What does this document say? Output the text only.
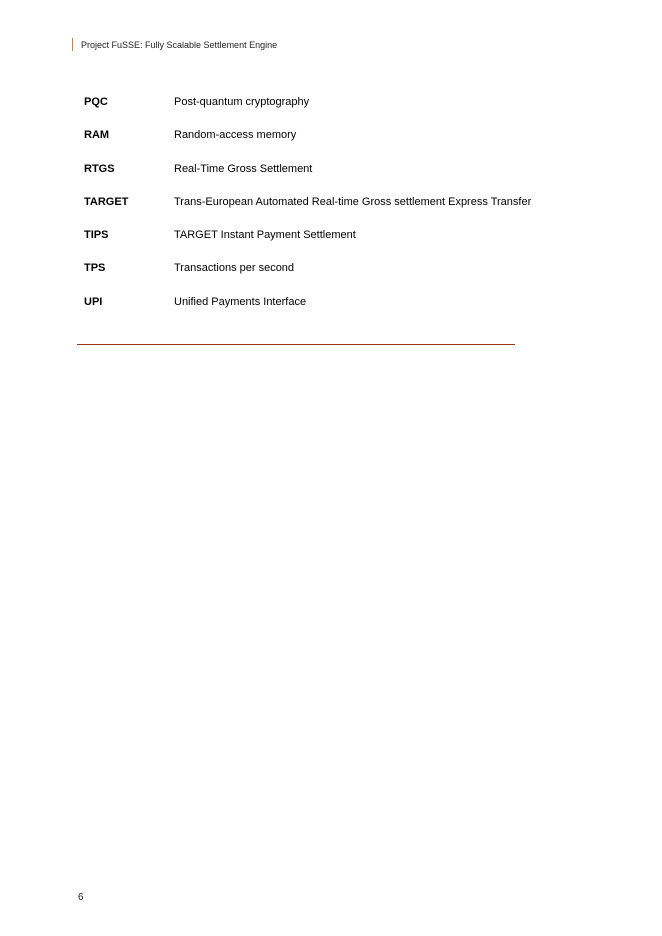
Project FuSSE: Fully Scalable Settlement Engine
PQC	Post-quantum cryptography
RAM	Random-access memory
RTGS	Real-Time Gross Settlement
TARGET	Trans-European Automated Real-time Gross settlement Express Transfer
TIPS	TARGET Instant Payment Settlement
TPS	Transactions per second
UPI	Unified Payments Interface
6
